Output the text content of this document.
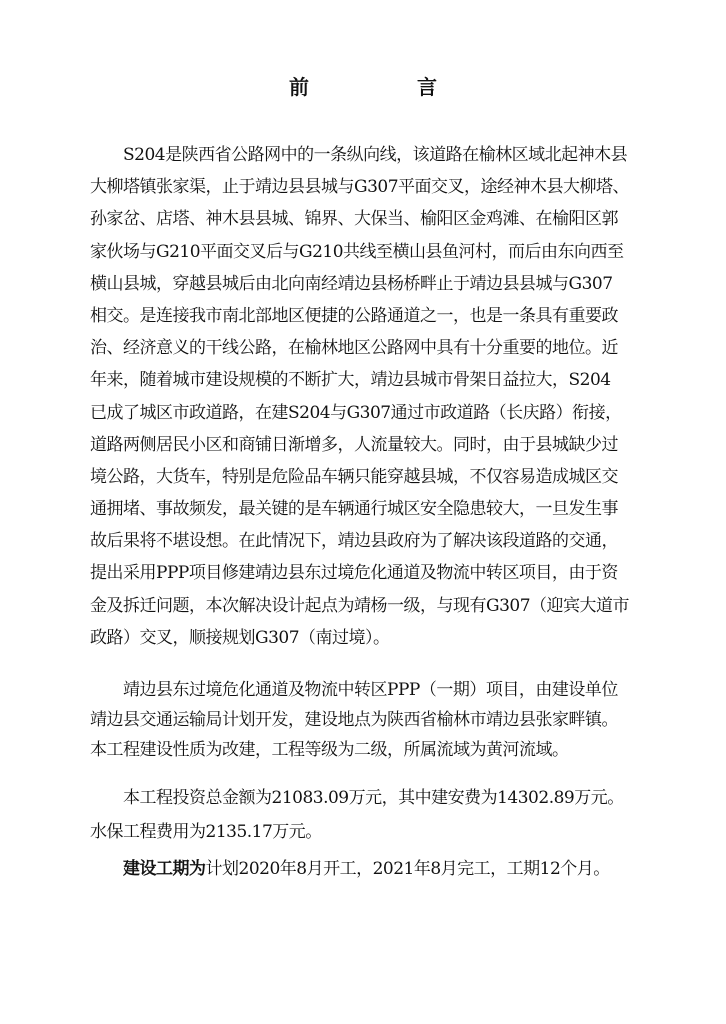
前　言
S204是陕西省公路网中的一条纵向线，该道路在榆林区域北起神木县
大柳塔镇张家渠，止于靖边县县城与G307平面交叉，途经神木县大柳塔、
孙家岔、店塔、神木县县城、锦界、大保当、榆阳区金鸡滩、在榆阳区郭
家伙场与G210平面交叉后与G210共线至横山县鱼河村，而后由东向西至
横山县城，穿越县城后由北向南经靖边县杨桥畔止于靖边县县城与G307
相交。是连接我市南北部地区便捷的公路通道之一，也是一条具有重要政
治、经济意义的干线公路，在榆林地区公路网中具有十分重要的地位。近
年来，随着城市建设规模的不断扩大，靖边县城市骨架日益拉大，S204
已成了城区市政道路，在建S204与G307通过市政道路（长庆路）衔接，
道路两侧居民小区和商铺日渐增多，人流量较大。同时，由于县城缺少过
境公路，大货车，特别是危险品车辆只能穿越县城，不仅容易造成城区交
通拥堵、事故频发，最关键的是车辆通行城区安全隐患较大，一旦发生事
故后果将不堪设想。在此情况下，靖边县政府为了解决该段道路的交通，
提出采用PPP项目修建靖边县东过境危化通道及物流中转区项目，由于资
金及拆迁问题，本次解决设计起点为靖杨一级，与现有G307（迎宾大道市
政路）交叉，顺接规划G307（南过境）。
靖边县东过境危化通道及物流中转区PPP（一期）项目，由建设单位
靖边县交通运输局计划开发，建设地点为陕西省榆林市靖边县张家畔镇。
本工程建设性质为改建，工程等级为二级，所属流域为黄河流域。
本工程投资总金额为21083.09万元，其中建安费为14302.89万元。
水保工程费用为2135.17万元。
建设工期为计划2020年8月开工，2021年8月完工，工期12个月。
